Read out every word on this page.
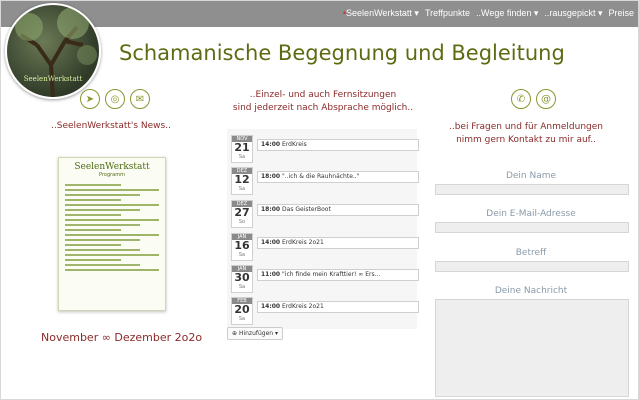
•SeelenWerkstatt ▾ Treffpunkte ..Wege finden ▾ ..rausgepickt ▾ Preise
SeelenWerkstatt
Schamanische Begegnung und Begleitung
➤	◎	✉
..SeelenWerkstatt's News..
SeelenWerkstatt
Programm
November ∞ Dezember 2o2o
..Einzel- und auch Fernsitzungen
sind jederzeit nach Absprache möglich..
NOV
21
Sa
14:00 ErdKreis
DEZ
12
Sa
18:00 "..ich & die Rauhnächte.."
DEZ
27
So
18:00 Das GeisterBoot
JAN
16
Sa
14:00 ErdKreis 2o21
JAN
30
Sa
11:00 "ich finde mein Krafttier! ∞ Ers...
FEB
20
Sa
14:00 ErdKreis 2o21
⊕ Hinzufügen ▾
✆	@
..bei Fragen und für Anmeldungen
nimm gern Kontakt zu mir auf..
Dein Name
Dein E-Mail-Adresse
Betreff
Deine Nachricht
